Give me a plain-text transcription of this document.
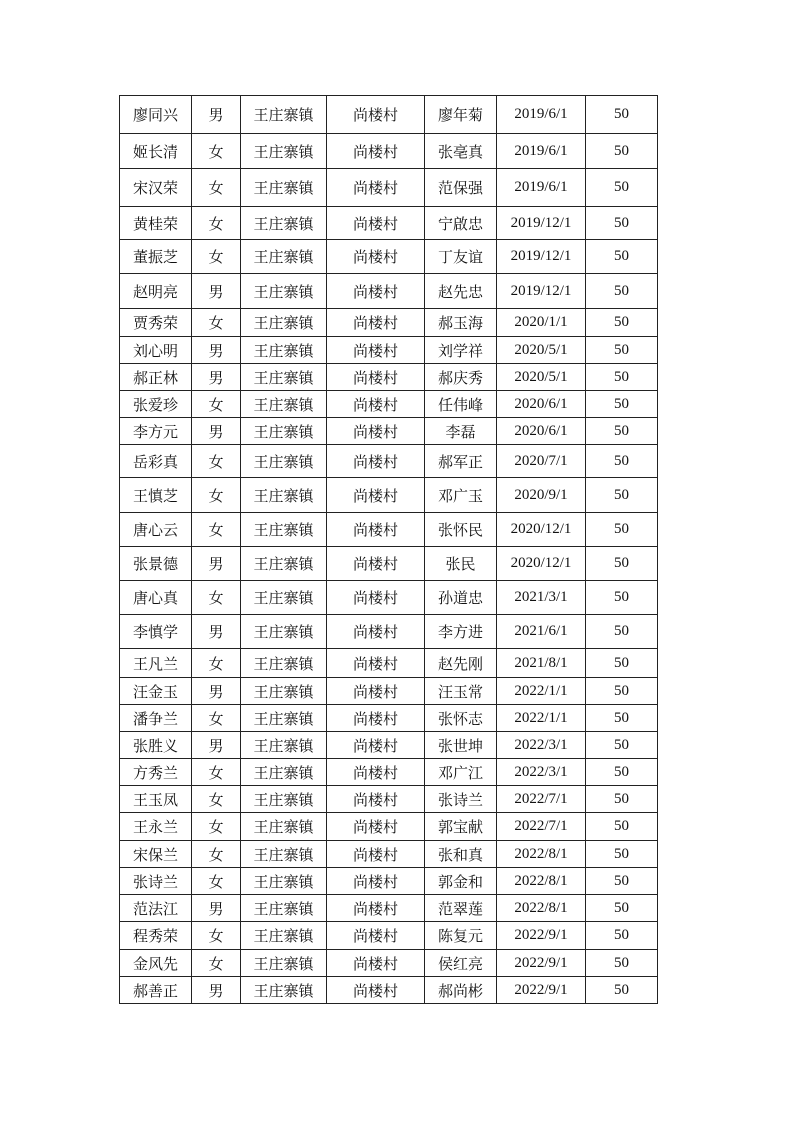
廖同兴	男	王庄寨镇	尚楼村	廖年菊	2019/6/1	50
姬长清	女	王庄寨镇	尚楼村	张亳真	2019/6/1	50
宋汉荣	女	王庄寨镇	尚楼村	范保强	2019/6/1	50
黄桂荣	女	王庄寨镇	尚楼村	宁啟忠	2019/12/1	50
董振芝	女	王庄寨镇	尚楼村	丁友谊	2019/12/1	50
赵明亮	男	王庄寨镇	尚楼村	赵先忠	2019/12/1	50
贾秀荣	女	王庄寨镇	尚楼村	郝玉海	2020/1/1	50
刘心明	男	王庄寨镇	尚楼村	刘学祥	2020/5/1	50
郝正林	男	王庄寨镇	尚楼村	郝庆秀	2020/5/1	50
张爱珍	女	王庄寨镇	尚楼村	任伟峰	2020/6/1	50
李方元	男	王庄寨镇	尚楼村	李磊	2020/6/1	50
岳彩真	女	王庄寨镇	尚楼村	郝军正	2020/7/1	50
王慎芝	女	王庄寨镇	尚楼村	邓广玉	2020/9/1	50
唐心云	女	王庄寨镇	尚楼村	张怀民	2020/12/1	50
张景德	男	王庄寨镇	尚楼村	张民	2020/12/1	50
唐心真	女	王庄寨镇	尚楼村	孙道忠	2021/3/1	50
李慎学	男	王庄寨镇	尚楼村	李方进	2021/6/1	50
王凡兰	女	王庄寨镇	尚楼村	赵先刚	2021/8/1	50
汪金玉	男	王庄寨镇	尚楼村	汪玉常	2022/1/1	50
潘争兰	女	王庄寨镇	尚楼村	张怀志	2022/1/1	50
张胜义	男	王庄寨镇	尚楼村	张世坤	2022/3/1	50
方秀兰	女	王庄寨镇	尚楼村	邓广江	2022/3/1	50
王玉凤	女	王庄寨镇	尚楼村	张诗兰	2022/7/1	50
王永兰	女	王庄寨镇	尚楼村	郭宝献	2022/7/1	50
宋保兰	女	王庄寨镇	尚楼村	张和真	2022/8/1	50
张诗兰	女	王庄寨镇	尚楼村	郭金和	2022/8/1	50
范法江	男	王庄寨镇	尚楼村	范翠莲	2022/8/1	50
程秀荣	女	王庄寨镇	尚楼村	陈复元	2022/9/1	50
金风先	女	王庄寨镇	尚楼村	侯红亮	2022/9/1	50
郝善正	男	王庄寨镇	尚楼村	郝尚彬	2022/9/1	50
